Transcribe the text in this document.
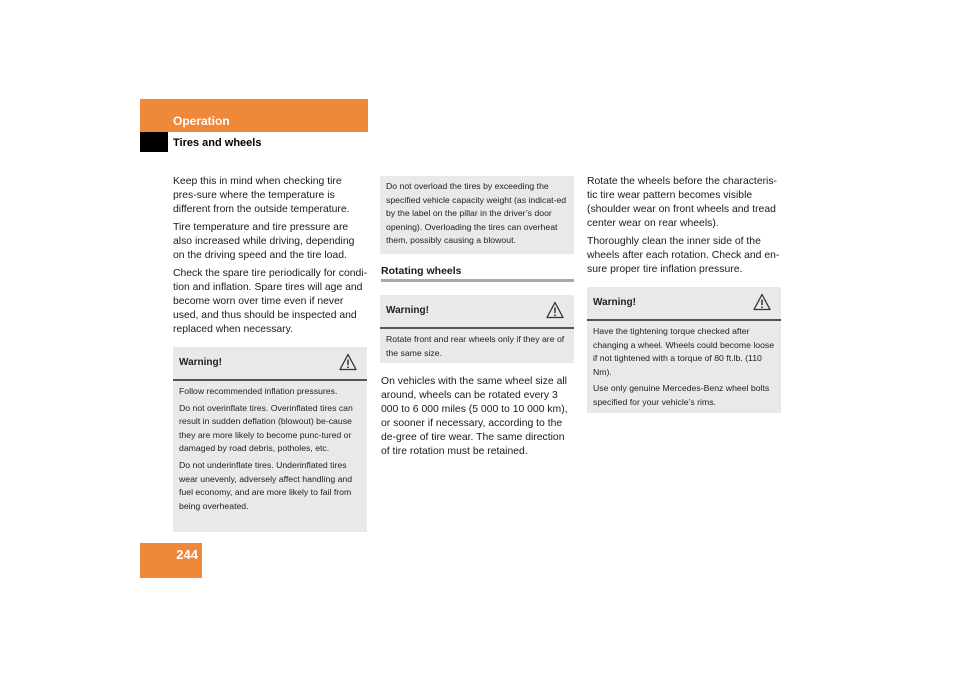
Operation
Tires and wheels
244

Keep this in mind when checking tire pres-sure where the temperature is different from the outside temperature.

Tire temperature and tire pressure are also increased while driving, depending on the driving speed and the tire load.

Check the spare tire periodically for condi-tion and inflation. Spare tires will age and become worn over time even if never used, and thus should be inspected and replaced when necessary.

Warning!

Follow recommended inflation pressures.

Do not overinflate tires. Overinflated tires can result in sudden deflation (blowout) be-cause they are more likely to become punc-tured or damaged by road debris, potholes, etc.

Do not underinflate tires. Underinflated tires wear unevenly, adversely affect handling and fuel economy, and are more likely to fail from being overheated.

Do not overload the tires by exceeding the specified vehicle capacity weight (as indicat-ed by the label on the pillar in the driver’s door opening). Overloading the tires can overheat them, possibly causing a blowout.

Rotating wheels
Warning!

Rotate front and rear wheels only if they are of the same size.

On vehicles with the same wheel size all around, wheels can be rotated every 3 000 to 6 000 miles (5 000 to 10 000 km), or sooner if necessary, according to the de-gree of tire wear. The same direction of tire rotation must be retained.

Rotate the wheels before the characteris-tic tire wear pattern becomes visible (shoulder wear on front wheels and tread center wear on rear wheels).

Thoroughly clean the inner side of the wheels after each rotation. Check and en-sure proper tire inflation pressure.

Warning!

Have the tightening torque checked after changing a wheel. Wheels could become loose if not tightened with a torque of 80 ft.lb. (110 Nm).

Use only genuine Mercedes-Benz wheel bolts specified for your vehicle’s rims.
